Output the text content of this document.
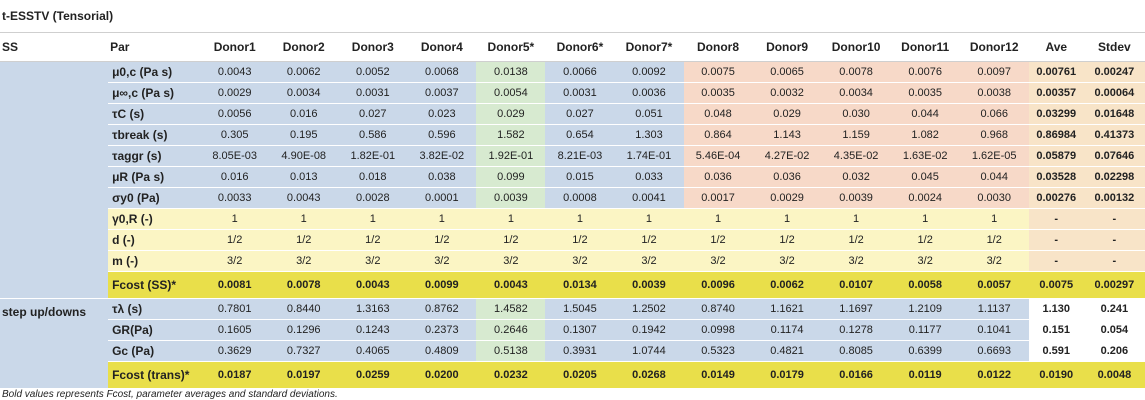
t-ESSTV (Tensorial)
SS	Par	Donor1	Donor2	Donor3	Donor4	Donor5*	Donor6*	Donor7*	Donor8	Donor9	Donor10	Donor11	Donor12	Ave	Stdev
	μ0,c (Pa s)	0.0043	0.0062	0.0052	0.0068	0.0138	0.0066	0.0092	0.0075	0.0065	0.0078	0.0076	0.0097	0.00761	0.00247
	μ∞,c (Pa s)	0.0029	0.0034	0.0031	0.0037	0.0054	0.0031	0.0036	0.0035	0.0032	0.0034	0.0035	0.0038	0.00357	0.00064
	τC (s)	0.0056	0.016	0.027	0.023	0.029	0.027	0.051	0.048	0.029	0.030	0.044	0.066	0.03299	0.01648
	τbreak (s)	0.305	0.195	0.586	0.596	1.582	0.654	1.303	0.864	1.143	1.159	1.082	0.968	0.86984	0.41373
	τaggr (s)	8.05E-03	4.90E-08	1.82E-01	3.82E-02	1.92E-01	8.21E-03	1.74E-01	5.46E-04	4.27E-02	4.35E-02	1.63E-02	1.62E-05	0.05879	0.07646
	μR (Pa s)	0.016	0.013	0.018	0.038	0.099	0.015	0.033	0.036	0.036	0.032	0.045	0.044	0.03528	0.02298
	σy0 (Pa)	0.0033	0.0043	0.0028	0.0001	0.0039	0.0008	0.0041	0.0017	0.0029	0.0039	0.0024	0.0030	0.00276	0.00132
	γ0,R (-)	1	1	1	1	1	1	1	1	1	1	1	1	-	-
	d (-)	1/2	1/2	1/2	1/2	1/2	1/2	1/2	1/2	1/2	1/2	1/2	1/2	-	-
	m (-)	3/2	3/2	3/2	3/2	3/2	3/2	3/2	3/2	3/2	3/2	3/2	3/2	-	-
	Fcost (SS)*	0.0081	0.0078	0.0043	0.0099	0.0043	0.0134	0.0039	0.0096	0.0062	0.0107	0.0058	0.0057	0.0075	0.00297
step up/downs	τλ (s)	0.7801	0.8440	1.3163	0.8762	1.4582	1.5045	1.2502	0.8740	1.1621	1.1697	1.2109	1.1137	1.130	0.241
	GR(Pa)	0.1605	0.1296	0.1243	0.2373	0.2646	0.1307	0.1942	0.0998	0.1174	0.1278	0.1177	0.1041	0.151	0.054
	Gc (Pa)	0.3629	0.7327	0.4065	0.4809	0.5138	0.3931	1.0744	0.5323	0.4821	0.8085	0.6399	0.6693	0.591	0.206
	Fcost (trans)*	0.0187	0.0197	0.0259	0.0200	0.0232	0.0205	0.0268	0.0149	0.0179	0.0166	0.0119	0.0122	0.0190	0.0048
Bold values represents Fcost, parameter averages and standard deviations.
